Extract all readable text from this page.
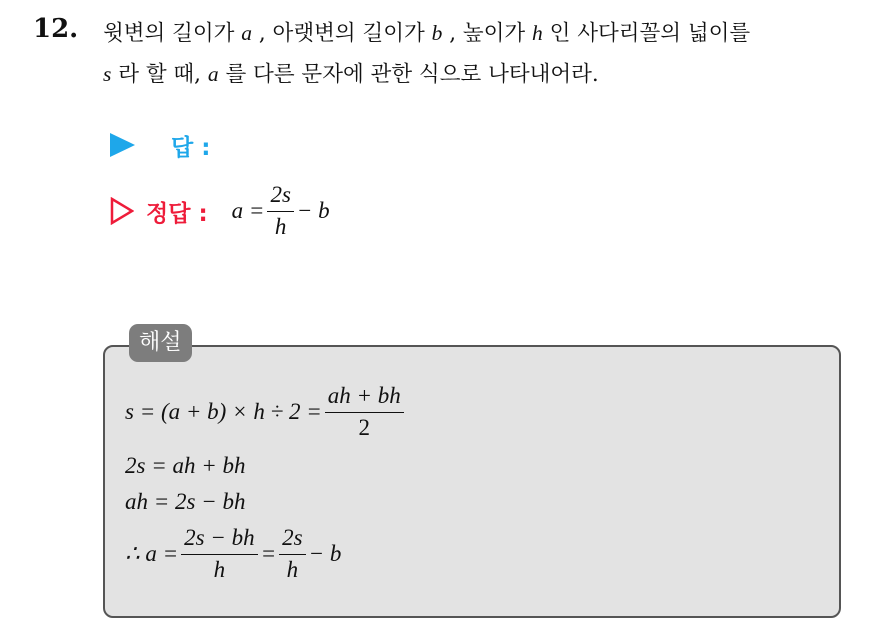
12. 윗변의 길이가 a , 아랫변의 길이가 b , 높이가 h 인 사다리꼴의 넓이를
s 라 할 때, a 를 다른 문자에 관한 식으로 나타내어라.
답 :
정답 : $a = \frac{2s}{h} - b$
해설
$s = (a + b) \times h \div 2 = \frac{ah + bh}{2}$
2s = ah + bh
ah = 2s − bh
∴ $a = \frac{2s - bh}{h} = \frac{2s}{h} - b$
